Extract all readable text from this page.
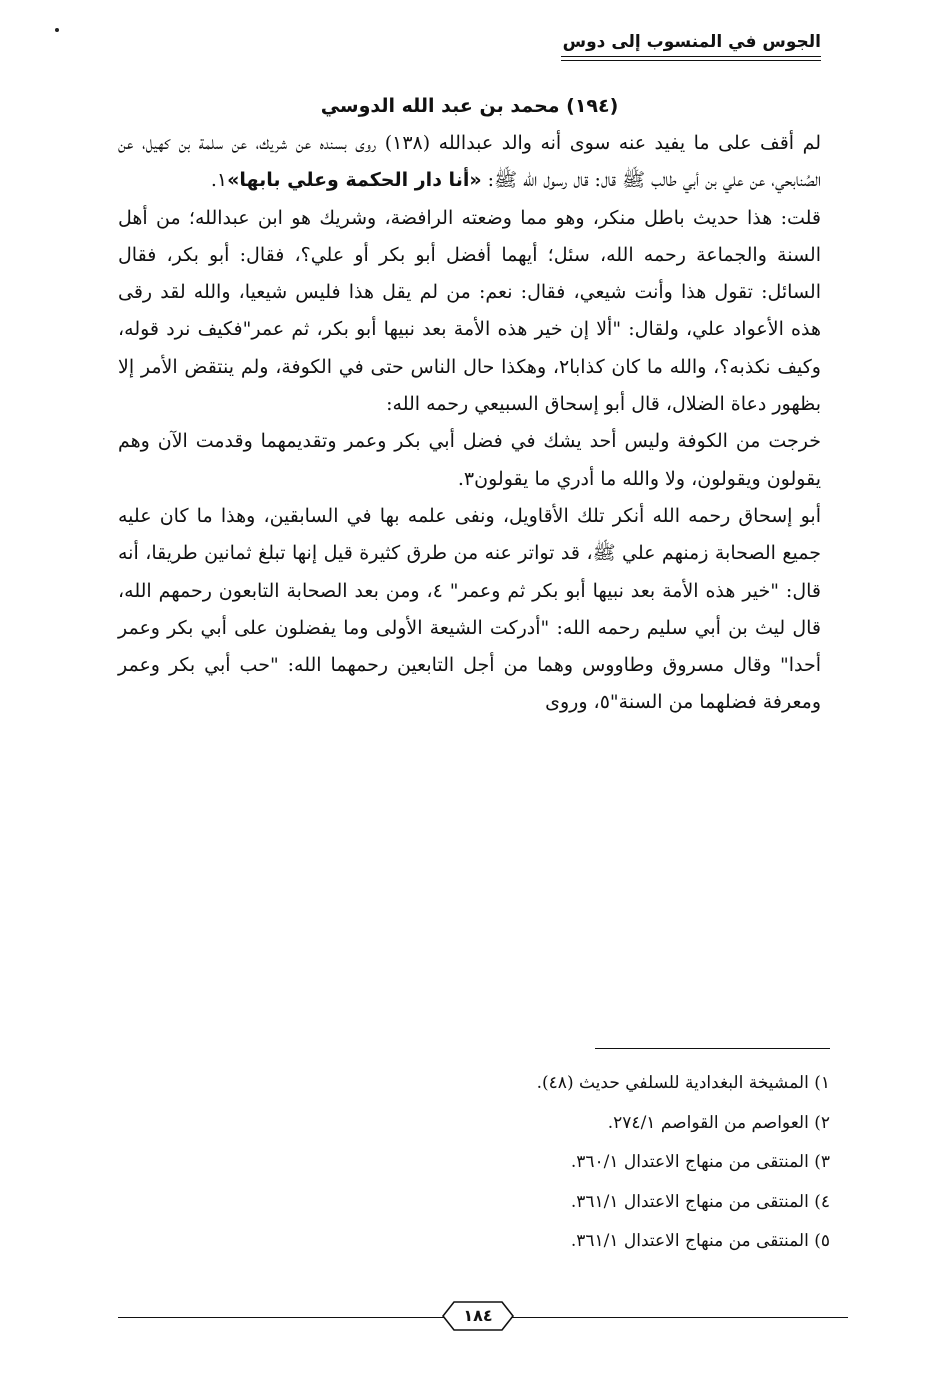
الجوس في المنسوب إلى دوس
(١٩٤) محمد بن عبد الله الدوسي

لم أقف على ما يفيد عنه سوى أنه والد عبدالله (١٣٨) روى بسنده عن شريك، عن سلمة بن كهيل، عن الصُنابحي، عن علي بن أبي طالب ﷺ قال: قال رسول الله ﷺ: «أنا دار الحكمة وعلي بابها»١.

قلت: هذا حديث باطل منكر، وهو مما وضعته الرافضة، وشريك هو ابن عبدالله؛ من أهل السنة والجماعة رحمه الله، سئل؛ أيهما أفضل أبو بكر أو علي؟، فقال: أبو بكر، فقال السائل: تقول هذا وأنت شيعي، فقال: نعم: من لم يقل هذا فليس شيعيا، والله لقد رقى هذه الأعواد علي، ولقال: "ألا إن خير هذه الأمة بعد نبيها أبو بكر، ثم عمر"فكيف نرد قوله، وكيف نكذبه؟، والله ما كان كذابا٢، وهكذا حال الناس حتى في الكوفة، ولم ينتقض الأمر إلا بظهور دعاة الضلال، قال أبو إسحاق السبيعي رحمه الله:

خرجت من الكوفة وليس أحد يشك في فضل أبي بكر وعمر وتقديمهما وقدمت الآن وهم يقولون ويقولون، ولا والله ما أدري ما يقولون٣.

أبو إسحاق رحمه الله أنكر تلك الأقاويل، ونفى علمه بها في السابقين، وهذا ما كان عليه جميع الصحابة زمنهم علي ﷺ، قد تواتر عنه من طرق كثيرة قيل إنها تبلغ ثمانين طريقا، أنه قال: "خير هذه الأمة بعد نبيها أبو بكر ثم وعمر" ٤، ومن بعد الصحابة التابعون رحمهم الله، قال ليث بن أبي سليم رحمه الله: "أدركت الشيعة الأولى وما يفضلون على أبي بكر وعمر أحدا" وقال مسروق وطاووس وهما من أجل التابعين رحمهما الله: "حب أبي بكر وعمر ومعرفة فضلهما من السنة"٥، وروى

١) المشيخة البغدادية للسلفي حديث (٤٨).
٢) العواصم من القواصم ٢٧٤/١.
٣) المنتقى من منهاج الاعتدال ٣٦٠/١.
٤) المنتقى من منهاج الاعتدال ٣٦١/١.
٥) المنتقى من منهاج الاعتدال ٣٦١/١.
١٨٤
